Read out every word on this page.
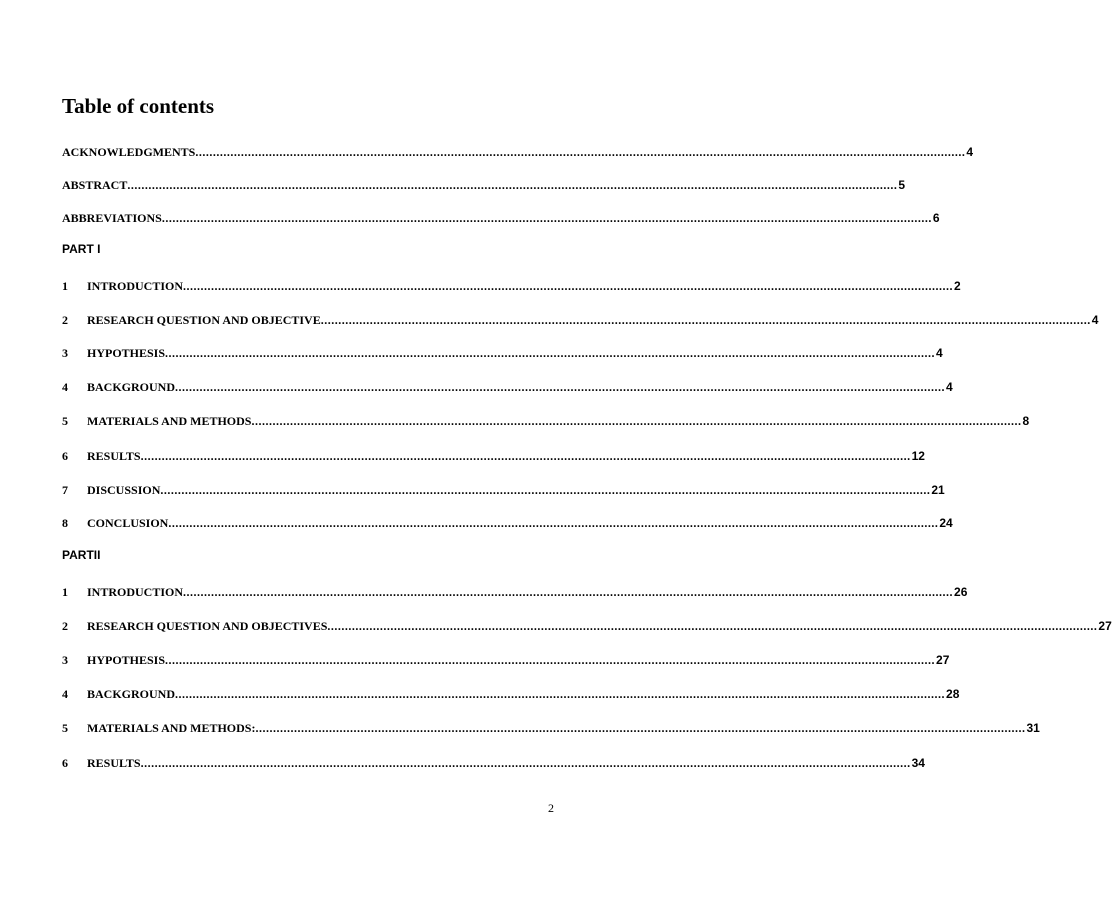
Table of contents
ACKNOWLEDGMENTS ............................................................................................................................................................................................................................ 4
ABSTRACT ............................................................................................................................................................................................................................ 5
ABBREVIATIONS ............................................................................................................................................................................................................................ 6
PART I
1	INTRODUCTION ............................................................................................................................................................................................................................ 2
2	RESEARCH QUESTION AND OBJECTIVE ............................................................................................................................................................................................................................ 4
3	HYPOTHESIS ............................................................................................................................................................................................................................ 4
4	BACKGROUND ............................................................................................................................................................................................................................ 4
5	MATERIALS AND METHODS ............................................................................................................................................................................................................................ 8
6	RESULTS ............................................................................................................................................................................................................................ 12
7	DISCUSSION ............................................................................................................................................................................................................................ 21
8	CONCLUSION ............................................................................................................................................................................................................................ 24
PARTII
1	INTRODUCTION ............................................................................................................................................................................................................................ 26
2	RESEARCH QUESTION AND OBJECTIVES ............................................................................................................................................................................................................................ 27
3	HYPOTHESIS ............................................................................................................................................................................................................................ 27
4	BACKGROUND ............................................................................................................................................................................................................................ 28
5	MATERIALS AND METHODS: ............................................................................................................................................................................................................................ 31
6	RESULTS ............................................................................................................................................................................................................................ 34
2
